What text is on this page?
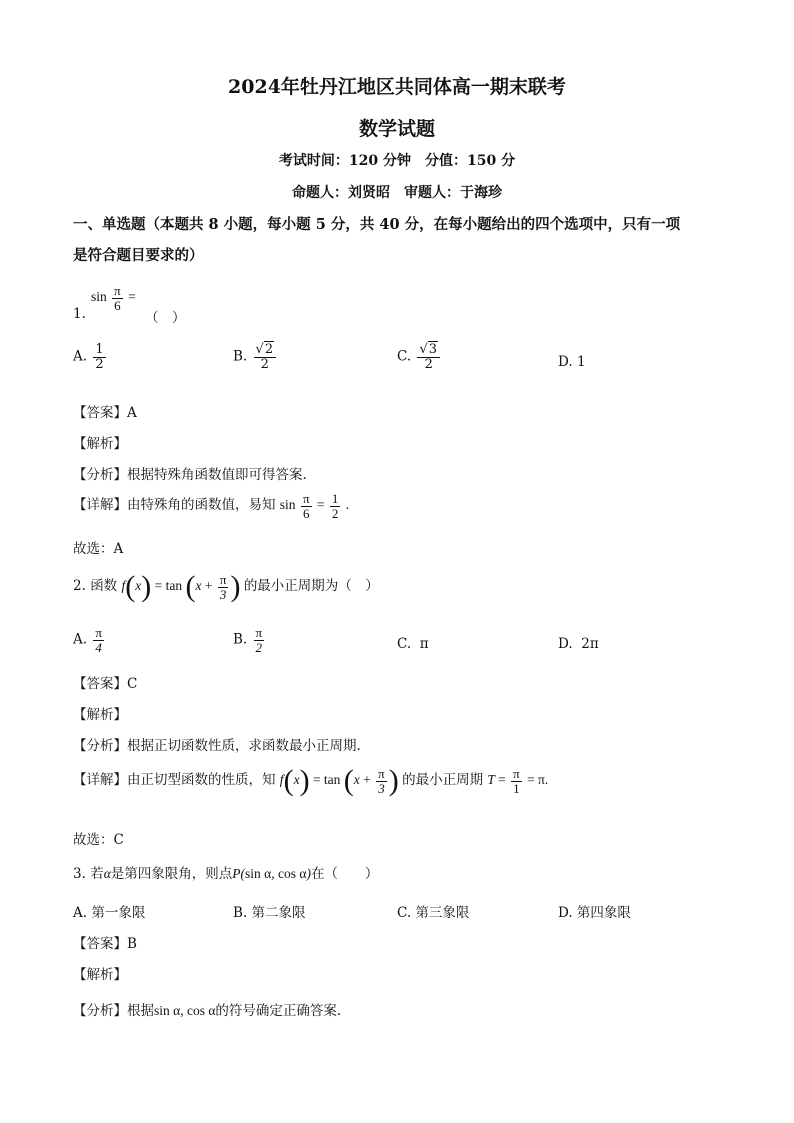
2024年牡丹江地区共同体高一期末联考
数学试题
考试时间：120 分钟　分值：150 分
命题人：刘贤昭　审题人：于海珍
一、单选题（本题共 8 小题，每小题 5 分，共 40 分，在每小题给出的四个选项中，只有一项
是符合题目要求的）
1.
$\sin \frac{\pi}{6}$ =
（　）
A. $\frac{1}{2}$	B. $\frac{√2}{2}$	C. $\frac{√3}{2}$	D. 1
【答案】A
【解析】
【分析】根据特殊角函数值即可得答案.
【详解】由特殊角的函数值，易知 $\sin \frac{\pi}{6} = \frac{1}{2}$ .
故选：A
2. 函数 $f(x) = \tan (x + \frac{\pi}{3}$ ) 的最小正周期为（　）
A. $\frac{\pi}{4}$	B. $\frac{\pi}{2}$	C. π	D. 2π
【答案】C
【解析】
【分析】根据正切函数性质，求函数最小正周期.
【详解】由正切型函数的性质，知 $f(x) = \tan (x + \frac{\pi}{3}$ ) 的最小正周期 $T = \frac{\pi}{1} = \pi$.
故选：C
3. 若α是第四象限角，则点P(sin α, cos α)在（　　）
A. 第一象限	B. 第二象限	C. 第三象限	D. 第四象限
【答案】B
【解析】
【分析】根据sin α, cos α的符号确定正确答案.
